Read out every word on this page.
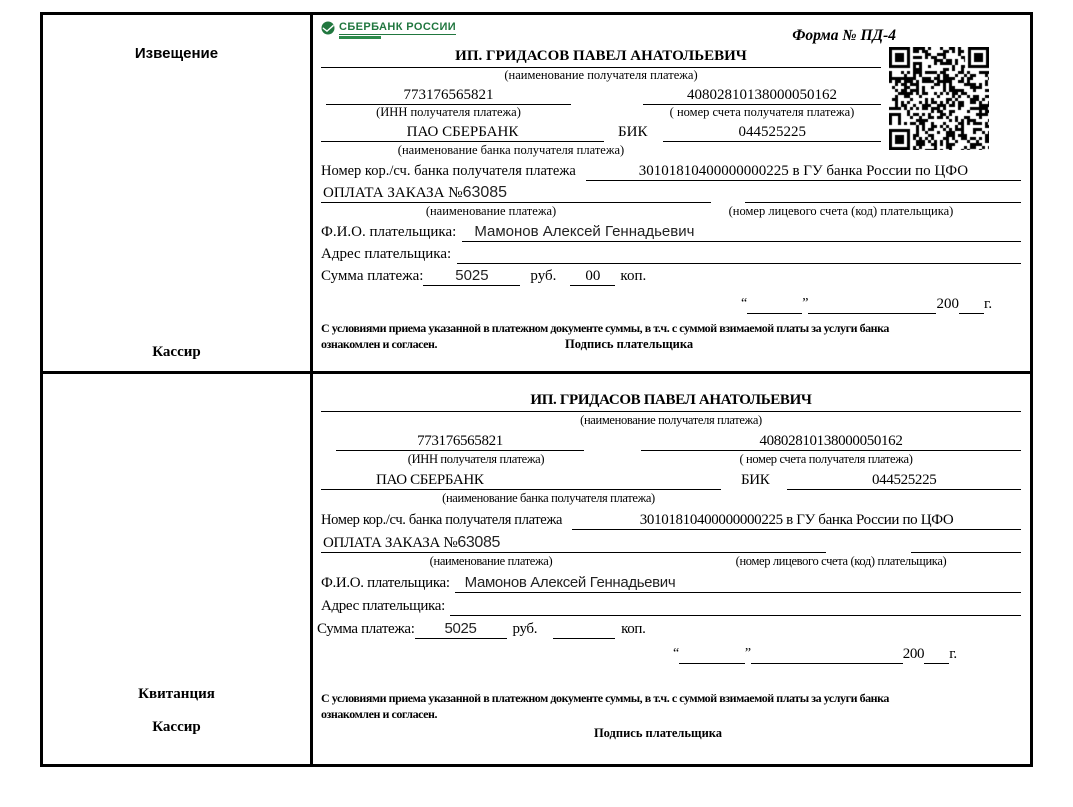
Извещение
Кассир
СБЕРБАНК РОССИИ	Форма № ПД-4
ИП. ГРИДАСОВ ПАВЕЛ АНАТОЛЬЕВИЧ
(наименование получателя платежа)
773176565821	40802810138000050162
(ИНН получателя платежа)	( номер счета получателя платежа)
ПАО СБЕРБАНК	БИК	044525225
(наименование банка получателя платежа)
Номер кор./сч. банка получателя платежа	30101810400000000225 в ГУ банка России по ЦФО
ОПЛАТА ЗАКАЗА №63085
(наименование платежа)	(номер лицевого счета (код) плательщика)
Ф.И.О. плательщика:	Мамонов Алексей Геннадьевич
Адрес плательщика:
Сумма платежа:	5025	руб.	00	коп.
“	”	200 г.
С условиями приема указанной в платежном документе суммы, в т.ч. с суммой взимаемой платы за услуги банка
ознакомлен и согласен.	Подпись плательщика
Квитанция
Кассир
ИП. ГРИДАСОВ ПАВЕЛ АНАТОЛЬЕВИЧ
(наименование получателя платежа)
773176565821	40802810138000050162
(ИНН получателя платежа)	( номер счета получателя платежа)
ПАО СБЕРБАНК	БИК	044525225
(наименование банка получателя платежа)
Номер кор./сч. банка получателя платежа	30101810400000000225 в ГУ банка России по ЦФО
ОПЛАТА ЗАКАЗА №63085
(наименование платежа)	(номер лицевого счета (код) плательщика)
Ф.И.О. плательщика:	Мамонов Алексей Геннадьевич
Адрес плательщика:
Сумма платежа:	5025	руб.	коп.
“	”	200 г.
С условиями приема указанной в платежном документе суммы, в т.ч. с суммой взимаемой платы за услуги банка
ознакомлен и согласен.
Подпись плательщика
